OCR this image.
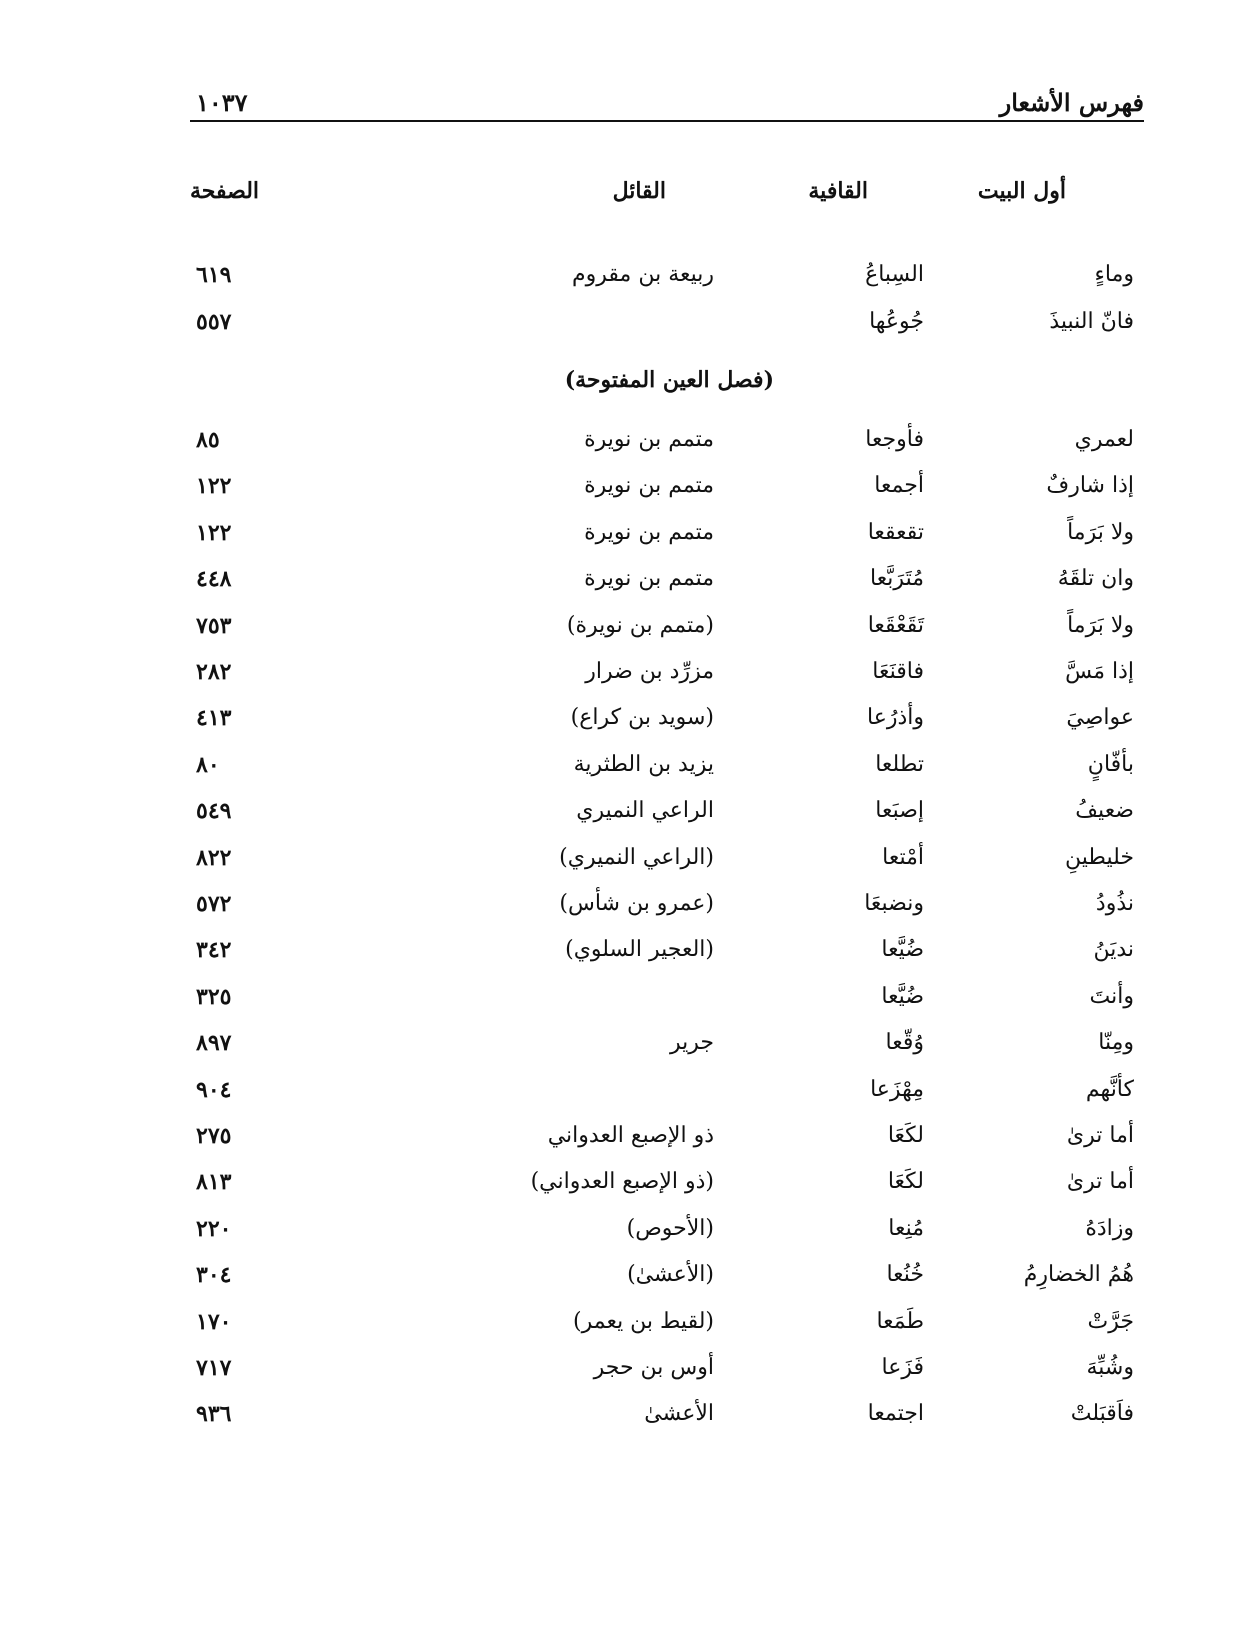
فهرس الأشعار
١٠٣٧
أول البيت
القافية
القائل
الصفحة
وماءٍ
السِباعُ
ربيعة بن مقروم
٦١٩
فانّ النبيذَ
جُوعُها
٥٥٧
(فصل العين المفتوحة)
لعمري
فأوجعا
متمم بن نويرة
٨٥
إذا شارفٌ
أجمعا
متمم بن نويرة
١٢٢
ولا بَرَماً
تقعقعا
متمم بن نويرة
١٢٢
وان تلقَهُ
مُتَرَبَّعا
متمم بن نويرة
٤٤٨
ولا بَرَماً
تَقَعْقَعا
(متمم بن نويرة)
٧٥٣
إذا مَسَّ
فاقنَعَا
مزرِّد بن ضرار
٢٨٢
عواصِيَ
وأذرُعا
(سويد بن كراع)
٤١٣
بأفّانٍ
تطلعا
يزيد بن الطثرية
٨٠
ضعيفُ
إصبَعا
الراعي النميري
٥٤٩
خليطينِ
أمْتعا
(الراعي النميري)
٨٢٢
نذُودُ
ونضبعَا
(عمرو بن شأس)
٥٧٢
نديَنُ
ضُيَّعا
(العجير السلوي)
٣٤٢
وأنتَ
ضُيَّعا
٣٢٥
ومِنّا
وُقّعا
جرير
٨٩٧
كأنَّهم
مِهْزَعا
٩٠٤
أما ترىٰ
لكَعَا
ذو الإصبع العدواني
٢٧٥
أما ترىٰ
لكَعَا
(ذو الإصبع العدواني)
٨١٣
وزادَهُ
مُنِعا
(الأحوص)
٢٢٠
هُمُ الخضارِمُ
خُنُعا
(الأعشىٰ)
٣٠٤
جَرَّتْ
طَمَعا
(لقيط بن يعمر)
١٧٠
وشُبِّهَ
فَزَعا
أوس بن حجر
٧١٧
فاَقبَلتْ
اجتمعا
الأعشىٰ
٩٣٦
